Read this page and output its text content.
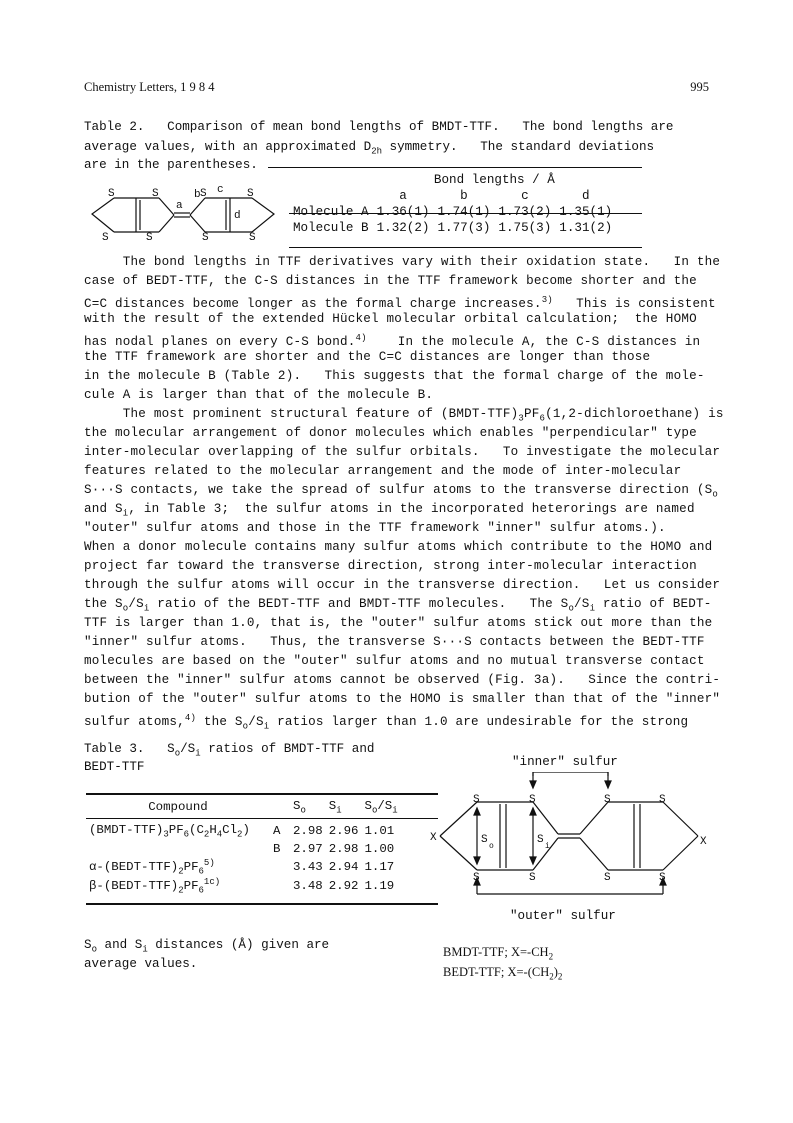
Chemistry Letters, 1 9 8 4	995
Table 2.   Comparison of mean bond lengths of BMDT-TTF.   The bond lengths are
average values, with an approximated $D_{2h}$ symmetry.   The standard deviations
are in the parentheses.
S	S	S	S
S	S	S	S
a
b c
d
	Bond lengths / Å			
	a	b	c	d
Molecule A	1.36(1)	1.74(1)	1.73(2)	1.35(1)
Molecule B	1.32(2)	1.77(3)	1.75(3)	1.31(2)
The bond lengths in TTF derivatives vary with their oxidation state.   In the
case of BEDT-TTF, the C-S distances in the TTF framework become shorter and the
C=C distances become longer as the formal charge increases.$^{3)}$   This is consistent
with the result of the extended Hückel molecular orbital calculation;  the HOMO
has nodal planes on every C-S bond.$^{4)}$    In the molecule A, the C-S distances in
the TTF framework are shorter and the C=C distances are longer than those
in the molecule B (Table 2).   This suggests that the formal charge of the mole-
cule A is larger than that of the molecule B.
The most prominent structural feature of $(BMDT-TTF)_3PF_6(1,2-dichloroethane)$ is
the molecular arrangement of donor molecules which enables "perpendicular" type
inter-molecular overlapping of the sulfur orbitals.   To investigate the molecular
features related to the molecular arrangement and the mode of inter-molecular
S···S contacts, we take the spread of sulfur atoms to the transverse direction ($S_o$
and $S_i$, in Table 3;  the sulfur atoms in the incorporated heterorings are named
"outer" sulfur atoms and those in the TTF framework "inner" sulfur atoms.).
When a donor molecule contains many sulfur atoms which contribute to the HOMO and
project far toward the transverse direction, strong inter-molecular interaction
through the sulfur atoms will occur in the transverse direction.   Let us consider
the $S_o/S_i$ ratio of the BEDT-TTF and BMDT-TTF molecules.   The $S_o/S_i$ ratio of BEDT-
TTF is larger than 1.0, that is, the "outer" sulfur atoms stick out more than the
"inner" sulfur atoms.   Thus, the transverse S···S contacts between the BEDT-TTF
molecules are based on the "outer" sulfur atoms and no mutual transverse contact
between the "inner" sulfur atoms cannot be observed (Fig. 3a).   Since the contri-
bution of the "outer" sulfur atoms to the HOMO is smaller than that of the "inner"
sulfur atoms,$^{4)}$ the $S_o/S_i$ ratios larger than 1.0 are undesirable for the strong
Table 3.   $S_o/S_i$ ratios of BMDT-TTF and
BEDT-TTF
Compound		$S_o$	$S_i$	$S_o/S_i$

$(BMDT-TTF)_3PF_6(C_2H_4Cl_2)$	A	2.98	2.96	1.01
	B	2.97	2.98	1.00
$\alpha-(BEDT-TTF)_2PF_6^{5)}$		3.43	2.94	1.17
$\beta-(BEDT-TTF)_2PF_6^{1c)}$		3.48	2.92	1.19
$S_o$ and $S_i$ distances (Å) given are
average values.
"inner" sulfur
"outer" sulfur
S	S	S	S
S	S	S	S
X	X
S
o
S
i
BMDT-TTF; $X=-CH_2$
BEDT-TTF; $X=-(CH_2)_2$
